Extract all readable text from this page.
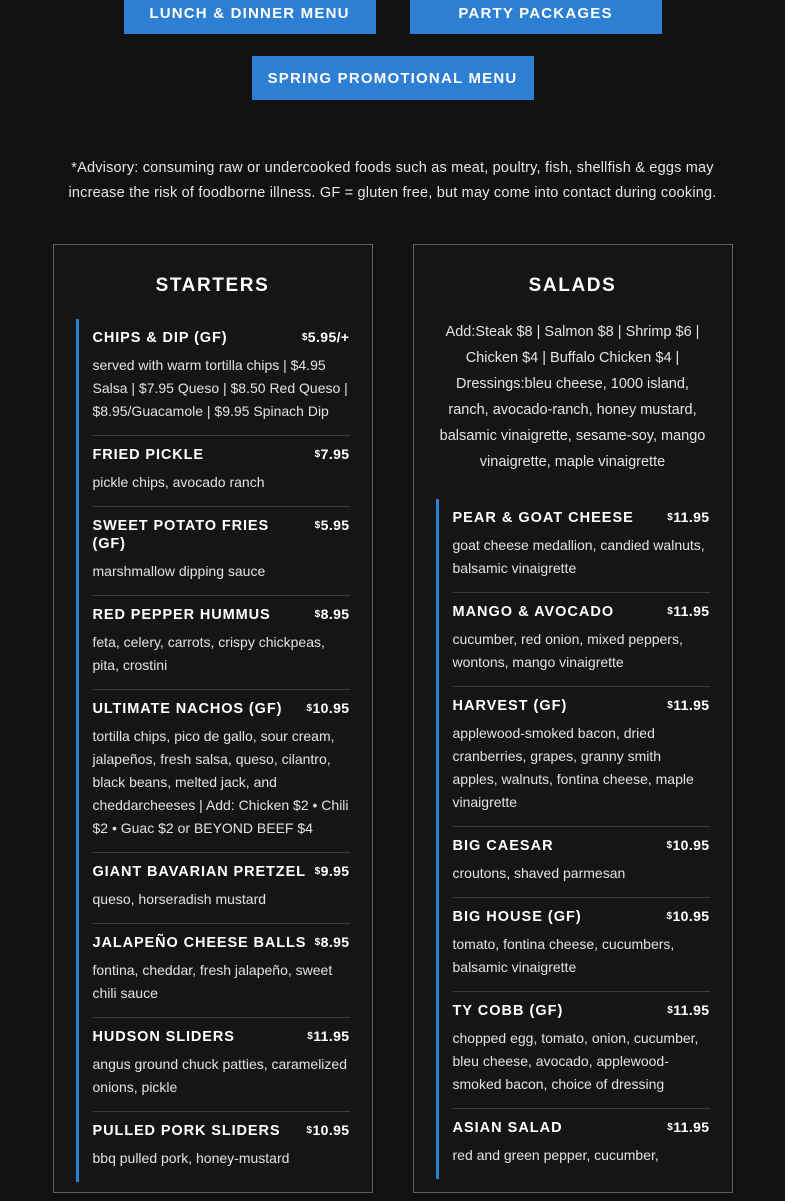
LUNCH & DINNER MENU	PARTY PACKAGES
SPRING PROMOTIONAL MENU
*Advisory: consuming raw or undercooked foods such as meat, poultry, fish, shellfish & eggs may increase the risk of foodborne illness. GF = gluten free, but may come into contact during cooking.
STARTERS
CHIPS & DIP (GF)	$5.95/+
served with warm tortilla chips | $4.95 Salsa | $7.95 Queso | $8.50 Red Queso | $8.95/Guacamole | $9.95 Spinach Dip
FRIED PICKLE	$7.95
pickle chips, avocado ranch
SWEET POTATO FRIES (GF)
$5.95
marshmallow dipping sauce
RED PEPPER HUMMUS	$8.95
feta, celery, carrots, crispy chickpeas, pita, crostini
ULTIMATE NACHOS (GF) $10.95
tortilla chips, pico de gallo, sour cream, jalapeños, fresh salsa, queso, cilantro, black beans, melted jack, and cheddarcheeses | Add: Chicken $2 • Chili $2 • Guac $2 or BEYOND BEEF $4
GIANT BAVARIAN PRETZEL $9.95
queso, horseradish mustard
JALAPEÑO CHEESE BALLS $8.95
fontina, cheddar, fresh jalapeño, sweet chili sauce
HUDSON SLIDERS	$11.95
angus ground chuck patties, caramelized onions, pickle
PULLED PORK SLIDERS	$10.95
bbq pulled pork, honey-mustard
SALADS
Add:Steak $8 | Salmon $8 | Shrimp $6 | Chicken $4 | Buffalo Chicken $4 | Dressings:bleu cheese, 1000 island, ranch, avocado-ranch, honey mustard, balsamic vinaigrette, sesame-soy, mango vinaigrette, maple vinaigrette
PEAR & GOAT CHEESE	$11.95
goat cheese medallion, candied walnuts, balsamic vinaigrette
MANGO & AVOCADO	$11.95
cucumber, red onion, mixed peppers, wontons, mango vinaigrette
HARVEST (GF)	$11.95
applewood-smoked bacon, dried cranberries, grapes, granny smith apples, walnuts, fontina cheese, maple vinaigrette
BIG CAESAR	$10.95
croutons, shaved parmesan
BIG HOUSE (GF)	$10.95
tomato, fontina cheese, cucumbers, balsamic vinaigrette
TY COBB (GF)	$11.95
chopped egg, tomato, onion, cucumber, bleu cheese, avocado, applewood-smoked bacon, choice of dressing
ASIAN SALAD	$11.95
red and green pepper, cucumber,
